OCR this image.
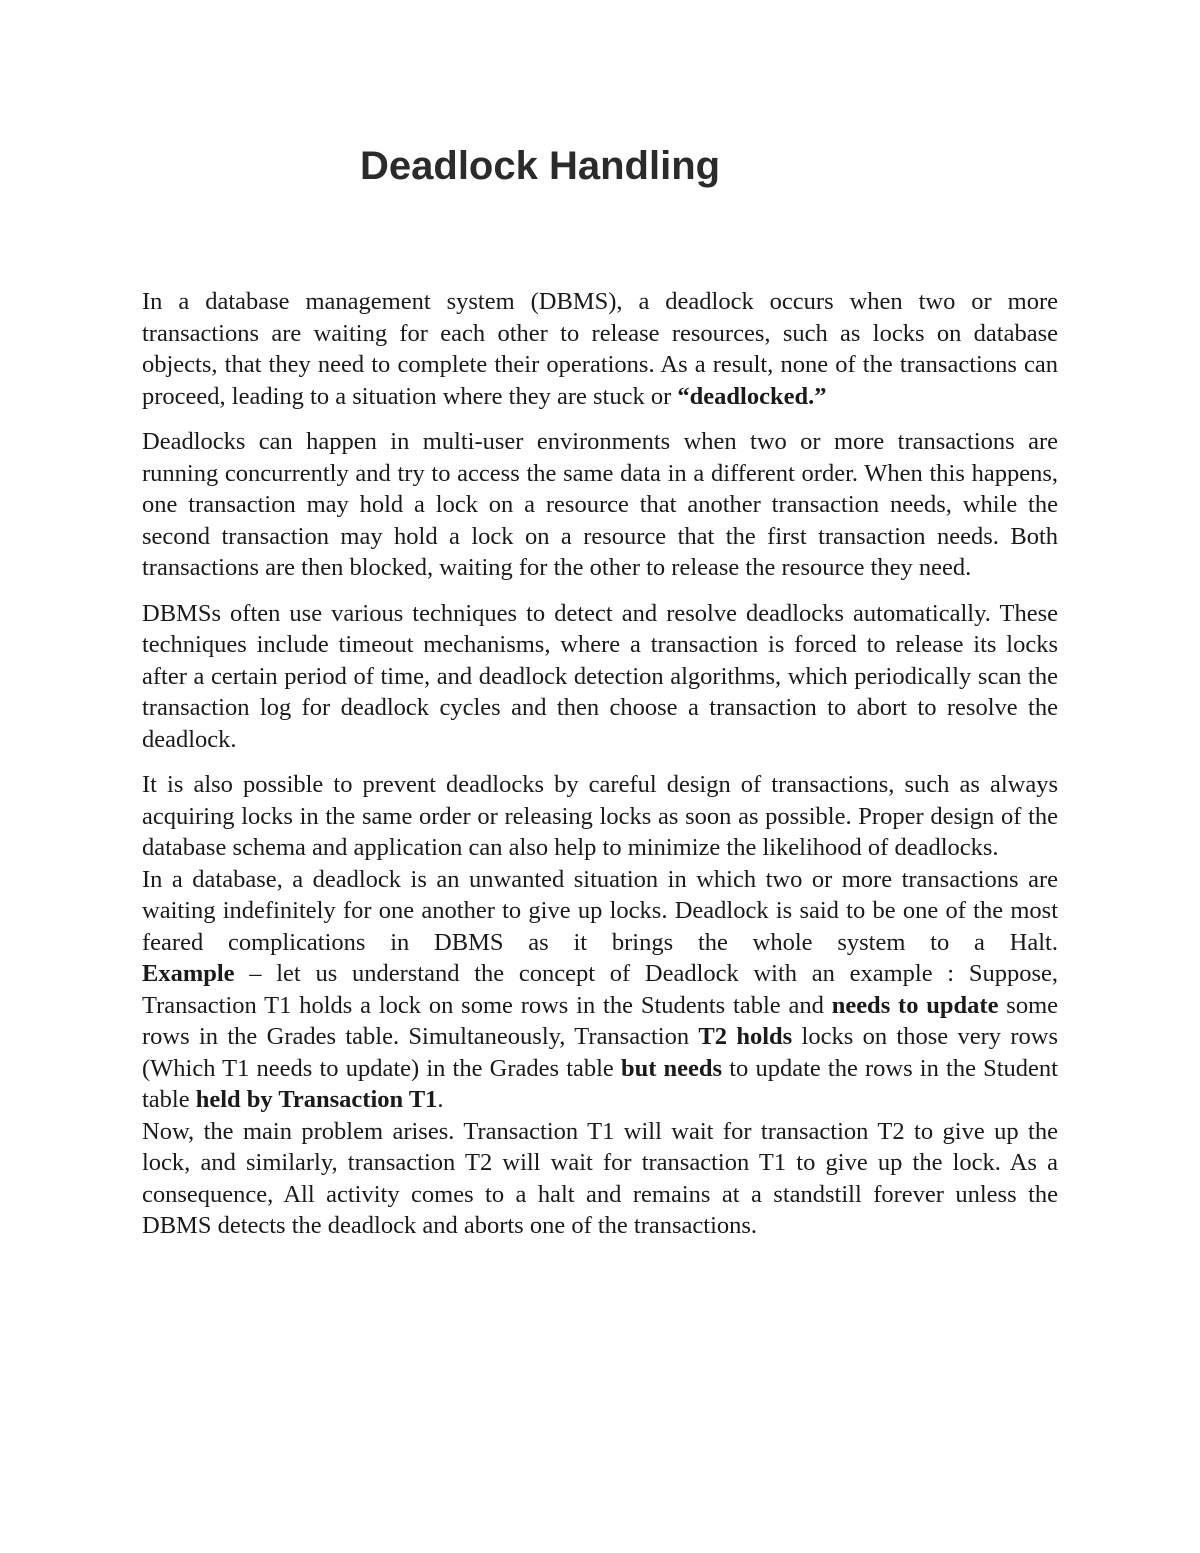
Deadlock Handling

In a database management system (DBMS), a deadlock occurs when two or more transactions are waiting for each other to release resources, such as locks on database objects, that they need to complete their operations. As a result, none of the transactions can proceed, leading to a situation where they are stuck or “deadlocked.”

Deadlocks can happen in multi-user environments when two or more transactions are running concurrently and try to access the same data in a different order. When this happens, one transaction may hold a lock on a resource that another transaction needs, while the second transaction may hold a lock on a resource that the first transaction needs. Both transactions are then blocked, waiting for the other to release the resource they need.

DBMSs often use various techniques to detect and resolve deadlocks automatically. These techniques include timeout mechanisms, where a transaction is forced to release its locks after a certain period of time, and deadlock detection algorithms, which periodically scan the transaction log for deadlock cycles and then choose a transaction to abort to resolve the deadlock.

It is also possible to prevent deadlocks by careful design of transactions, such as always acquiring locks in the same order or releasing locks as soon as possible. Proper design of the database schema and application can also help to minimize the likelihood of deadlocks.

In a database, a deadlock is an unwanted situation in which two or more transactions are waiting indefinitely for one another to give up locks. Deadlock is said to be one of the most feared complications in DBMS as it brings the whole system to a Halt.

Example – let us understand the concept of Deadlock with an example : Suppose, Transaction T1 holds a lock on some rows in the Students table and needs to update some rows in the Grades table. Simultaneously, Transaction T2 holds locks on those very rows (Which T1 needs to update) in the Grades table but needs to update the rows in the Student table held by Transaction T1.

Now, the main problem arises. Transaction T1 will wait for transaction T2 to give up the lock, and similarly, transaction T2 will wait for transaction T1 to give up the lock. As a consequence, All activity comes to a halt and remains at a standstill forever unless the DBMS detects the deadlock and aborts one of the transactions.
